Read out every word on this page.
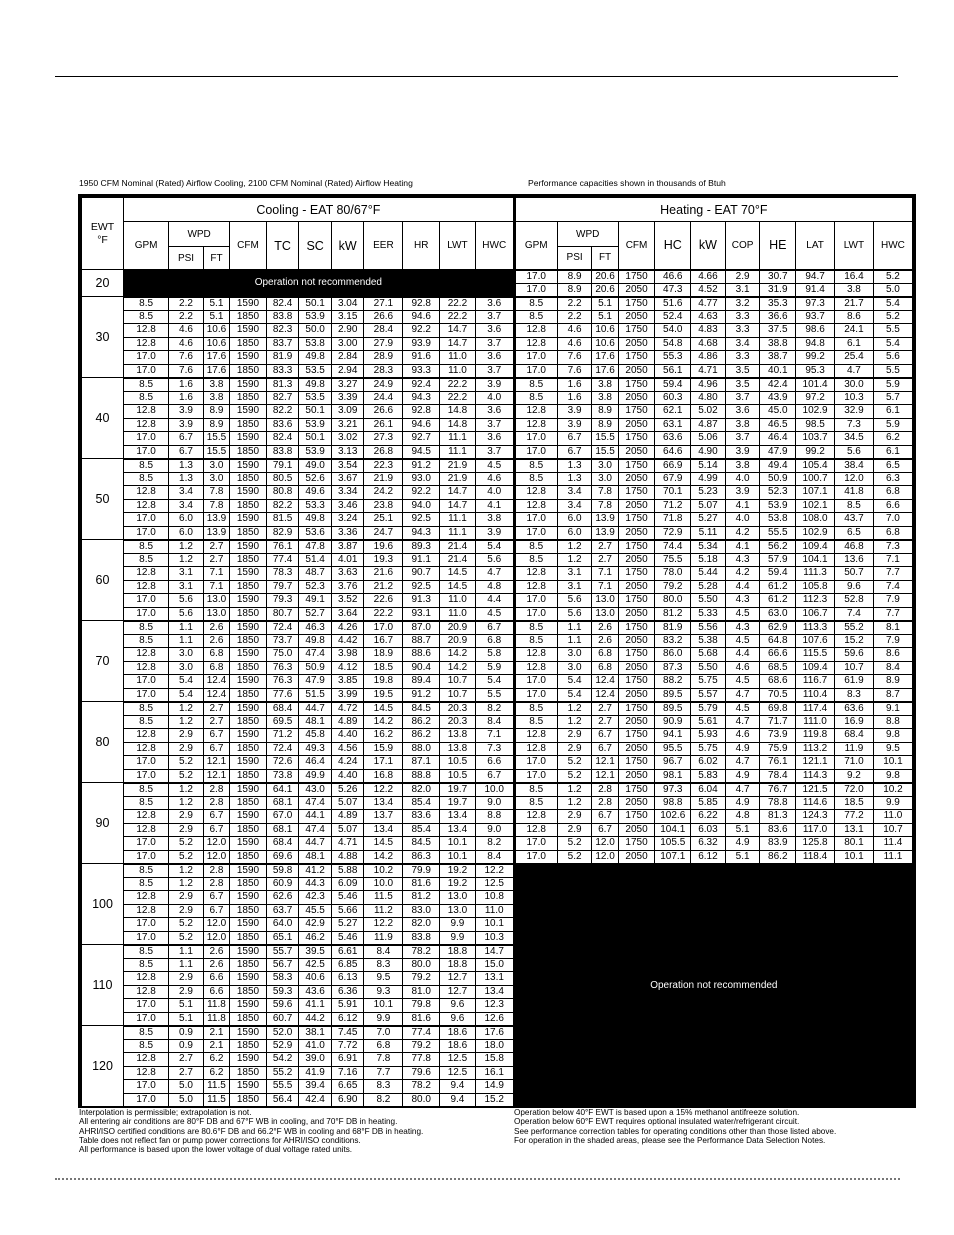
1950 CFM Nominal (Rated) Airflow Cooling, 2100 CFM Nominal (Rated) Airflow Heating	Performance capacities shown in thousands of Btuh
EWT
°F	Cooling - EAT 80/67°F											Heating - EAT 70°F										
	GPM	WPD		CFM	TC	SC	kW	EER	HR	LWT	HWC	GPM	WPD		CFM	HC	kW	COP	HE	LAT	LWT	HWC
		PSI	FT										PSI	FT								
20	Operation not recommended											17.0	8.9	20.6	1750	46.6	4.66	2.9	30.7	94.7	16.4	5.2
												17.0	8.9	20.6	2050	47.3	4.52	3.1	31.9	91.4	3.8	5.0
30	8.5	2.2	5.1	1590	82.4	50.1	3.04	27.1	92.8	22.2	3.6	8.5	2.2	5.1	1750	51.6	4.77	3.2	35.3	97.3	21.7	5.4
	8.5	2.2	5.1	1850	83.8	53.9	3.15	26.6	94.6	22.2	3.7	8.5	2.2	5.1	2050	52.4	4.63	3.3	36.6	93.7	8.6	5.2
	12.8	4.6	10.6	1590	82.3	50.0	2.90	28.4	92.2	14.7	3.6	12.8	4.6	10.6	1750	54.0	4.83	3.3	37.5	98.6	24.1	5.5
	12.8	4.6	10.6	1850	83.7	53.8	3.00	27.9	93.9	14.7	3.7	12.8	4.6	10.6	2050	54.8	4.68	3.4	38.8	94.8	6.1	5.4
	17.0	7.6	17.6	1590	81.9	49.8	2.84	28.9	91.6	11.0	3.6	17.0	7.6	17.6	1750	55.3	4.86	3.3	38.7	99.2	25.4	5.6
	17.0	7.6	17.6	1850	83.3	53.5	2.94	28.3	93.3	11.0	3.7	17.0	7.6	17.6	2050	56.1	4.71	3.5	40.1	95.3	4.7	5.5
40	8.5	1.6	3.8	1590	81.3	49.8	3.27	24.9	92.4	22.2	3.9	8.5	1.6	3.8	1750	59.4	4.96	3.5	42.4	101.4	30.0	5.9
	8.5	1.6	3.8	1850	82.7	53.5	3.39	24.4	94.3	22.2	4.0	8.5	1.6	3.8	2050	60.3	4.80	3.7	43.9	97.2	10.3	5.7
	12.8	3.9	8.9	1590	82.2	50.1	3.09	26.6	92.8	14.8	3.6	12.8	3.9	8.9	1750	62.1	5.02	3.6	45.0	102.9	32.9	6.1
	12.8	3.9	8.9	1850	83.6	53.9	3.21	26.1	94.6	14.8	3.7	12.8	3.9	8.9	2050	63.1	4.87	3.8	46.5	98.5	7.3	5.9
	17.0	6.7	15.5	1590	82.4	50.1	3.02	27.3	92.7	11.1	3.6	17.0	6.7	15.5	1750	63.6	5.06	3.7	46.4	103.7	34.5	6.2
	17.0	6.7	15.5	1850	83.8	53.9	3.13	26.8	94.5	11.1	3.7	17.0	6.7	15.5	2050	64.6	4.90	3.9	47.9	99.2	5.6	6.1
50	8.5	1.3	3.0	1590	79.1	49.0	3.54	22.3	91.2	21.9	4.5	8.5	1.3	3.0	1750	66.9	5.14	3.8	49.4	105.4	38.4	6.5
	8.5	1.3	3.0	1850	80.5	52.6	3.67	21.9	93.0	21.9	4.6	8.5	1.3	3.0	2050	67.9	4.99	4.0	50.9	100.7	12.0	6.3
	12.8	3.4	7.8	1590	80.8	49.6	3.34	24.2	92.2	14.7	4.0	12.8	3.4	7.8	1750	70.1	5.23	3.9	52.3	107.1	41.8	6.8
	12.8	3.4	7.8	1850	82.2	53.3	3.46	23.8	94.0	14.7	4.1	12.8	3.4	7.8	2050	71.2	5.07	4.1	53.9	102.1	8.5	6.6
	17.0	6.0	13.9	1590	81.5	49.8	3.24	25.1	92.5	11.1	3.8	17.0	6.0	13.9	1750	71.8	5.27	4.0	53.8	108.0	43.7	7.0
	17.0	6.0	13.9	1850	82.9	53.6	3.36	24.7	94.3	11.1	3.9	17.0	6.0	13.9	2050	72.9	5.11	4.2	55.5	102.9	6.5	6.8
60	8.5	1.2	2.7	1590	76.1	47.8	3.87	19.6	89.3	21.4	5.4	8.5	1.2	2.7	1750	74.4	5.34	4.1	56.2	109.4	46.8	7.3
	8.5	1.2	2.7	1850	77.4	51.4	4.01	19.3	91.1	21.4	5.6	8.5	1.2	2.7	2050	75.5	5.18	4.3	57.9	104.1	13.6	7.1
	12.8	3.1	7.1	1590	78.3	48.7	3.63	21.6	90.7	14.5	4.7	12.8	3.1	7.1	1750	78.0	5.44	4.2	59.4	111.3	50.7	7.7
	12.8	3.1	7.1	1850	79.7	52.3	3.76	21.2	92.5	14.5	4.8	12.8	3.1	7.1	2050	79.2	5.28	4.4	61.2	105.8	9.6	7.4
	17.0	5.6	13.0	1590	79.3	49.1	3.52	22.6	91.3	11.0	4.4	17.0	5.6	13.0	1750	80.0	5.50	4.3	61.2	112.3	52.8	7.9
	17.0	5.6	13.0	1850	80.7	52.7	3.64	22.2	93.1	11.0	4.5	17.0	5.6	13.0	2050	81.2	5.33	4.5	63.0	106.7	7.4	7.7
70	8.5	1.1	2.6	1590	72.4	46.3	4.26	17.0	87.0	20.9	6.7	8.5	1.1	2.6	1750	81.9	5.56	4.3	62.9	113.3	55.2	8.1
	8.5	1.1	2.6	1850	73.7	49.8	4.42	16.7	88.7	20.9	6.8	8.5	1.1	2.6	2050	83.2	5.38	4.5	64.8	107.6	15.2	7.9
	12.8	3.0	6.8	1590	75.0	47.4	3.98	18.9	88.6	14.2	5.8	12.8	3.0	6.8	1750	86.0	5.68	4.4	66.6	115.5	59.6	8.6
	12.8	3.0	6.8	1850	76.3	50.9	4.12	18.5	90.4	14.2	5.9	12.8	3.0	6.8	2050	87.3	5.50	4.6	68.5	109.4	10.7	8.4
	17.0	5.4	12.4	1590	76.3	47.9	3.85	19.8	89.4	10.7	5.4	17.0	5.4	12.4	1750	88.2	5.75	4.5	68.6	116.7	61.9	8.9
	17.0	5.4	12.4	1850	77.6	51.5	3.99	19.5	91.2	10.7	5.5	17.0	5.4	12.4	2050	89.5	5.57	4.7	70.5	110.4	8.3	8.7
80	8.5	1.2	2.7	1590	68.4	44.7	4.72	14.5	84.5	20.3	8.2	8.5	1.2	2.7	1750	89.5	5.79	4.5	69.8	117.4	63.6	9.1
	8.5	1.2	2.7	1850	69.5	48.1	4.89	14.2	86.2	20.3	8.4	8.5	1.2	2.7	2050	90.9	5.61	4.7	71.7	111.0	16.9	8.8
	12.8	2.9	6.7	1590	71.2	45.8	4.40	16.2	86.2	13.8	7.1	12.8	2.9	6.7	1750	94.1	5.93	4.6	73.9	119.8	68.4	9.8
	12.8	2.9	6.7	1850	72.4	49.3	4.56	15.9	88.0	13.8	7.3	12.8	2.9	6.7	2050	95.5	5.75	4.9	75.9	113.2	11.9	9.5
	17.0	5.2	12.1	1590	72.6	46.4	4.24	17.1	87.1	10.5	6.6	17.0	5.2	12.1	1750	96.7	6.02	4.7	76.1	121.1	71.0	10.1
	17.0	5.2	12.1	1850	73.8	49.9	4.40	16.8	88.8	10.5	6.7	17.0	5.2	12.1	2050	98.1	5.83	4.9	78.4	114.3	9.2	9.8
90	8.5	1.2	2.8	1590	64.1	43.0	5.26	12.2	82.0	19.7	10.0	8.5	1.2	2.8	1750	97.3	6.04	4.7	76.7	121.5	72.0	10.2
	8.5	1.2	2.8	1850	68.1	47.4	5.07	13.4	85.4	19.7	9.0	8.5	1.2	2.8	2050	98.8	5.85	4.9	78.8	114.6	18.5	9.9
	12.8	2.9	6.7	1590	67.0	44.1	4.89	13.7	83.6	13.4	8.8	12.8	2.9	6.7	1750	102.6	6.22	4.8	81.3	124.3	77.2	11.0
	12.8	2.9	6.7	1850	68.1	47.4	5.07	13.4	85.4	13.4	9.0	12.8	2.9	6.7	2050	104.1	6.03	5.1	83.6	117.0	13.1	10.7
	17.0	5.2	12.0	1590	68.4	44.7	4.71	14.5	84.5	10.1	8.2	17.0	5.2	12.0	1750	105.5	6.32	4.9	83.9	125.8	80.1	11.4
	17.0	5.2	12.0	1850	69.6	48.1	4.88	14.2	86.3	10.1	8.4	17.0	5.2	12.0	2050	107.1	6.12	5.1	86.2	118.4	10.1	11.1
100	8.5	1.2	2.8	1590	59.8	41.2	5.88	10.2	79.9	19.2	12.2	Operation not recommended										
	8.5	1.2	2.8	1850	60.9	44.3	6.09	10.0	81.6	19.2	12.5											
	12.8	2.9	6.7	1590	62.6	42.3	5.46	11.5	81.2	13.0	10.8											
	12.8	2.9	6.7	1850	63.7	45.5	5.66	11.2	83.0	13.0	11.0											
	17.0	5.2	12.0	1590	64.0	42.9	5.27	12.2	82.0	9.9	10.1											
	17.0	5.2	12.0	1850	65.1	46.2	5.46	11.9	83.8	9.9	10.3											
110	8.5	1.1	2.6	1590	55.7	39.5	6.61	8.4	78.2	18.8	14.7											
	8.5	1.1	2.6	1850	56.7	42.5	6.85	8.3	80.0	18.8	15.0											
	12.8	2.9	6.6	1590	58.3	40.6	6.13	9.5	79.2	12.7	13.1											
	12.8	2.9	6.6	1850	59.3	43.6	6.36	9.3	81.0	12.7	13.4											
	17.0	5.1	11.8	1590	59.6	41.1	5.91	10.1	79.8	9.6	12.3											
	17.0	5.1	11.8	1850	60.7	44.2	6.12	9.9	81.6	9.6	12.6											
120	8.5	0.9	2.1	1590	52.0	38.1	7.45	7.0	77.4	18.6	17.6											
	8.5	0.9	2.1	1850	52.9	41.0	7.72	6.8	79.2	18.6	18.0											
	12.8	2.7	6.2	1590	54.2	39.0	6.91	7.8	77.8	12.5	15.8											
	12.8	2.7	6.2	1850	55.2	41.9	7.16	7.7	79.6	12.5	16.1											
	17.0	5.0	11.5	1590	55.5	39.4	6.65	8.3	78.2	9.4	14.9											
	17.0	5.0	11.5	1850	56.4	42.4	6.90	8.2	80.0	9.4	15.2											
Interpolation is permissible; extrapolation is not.
All entering air conditions are 80°F DB and 67°F WB in cooling, and 70°F DB in heating.
AHRI/ISO certified conditions are 80.6°F DB and 66.2°F WB in cooling and 68°F DB in heating.
Table does not reflect fan or pump power corrections for AHRI/ISO conditions.
All performance is based upon the lower voltage of dual voltage rated units.
Operation below 40°F EWT is based upon a 15% methanol antifreeze solution.
Operation below 60°F EWT requires optional insulated water/refrigerant circuit.
See performance correction tables for operating conditions other than those listed above.
For operation in the shaded areas, please see the Performance Data Selection Notes.
